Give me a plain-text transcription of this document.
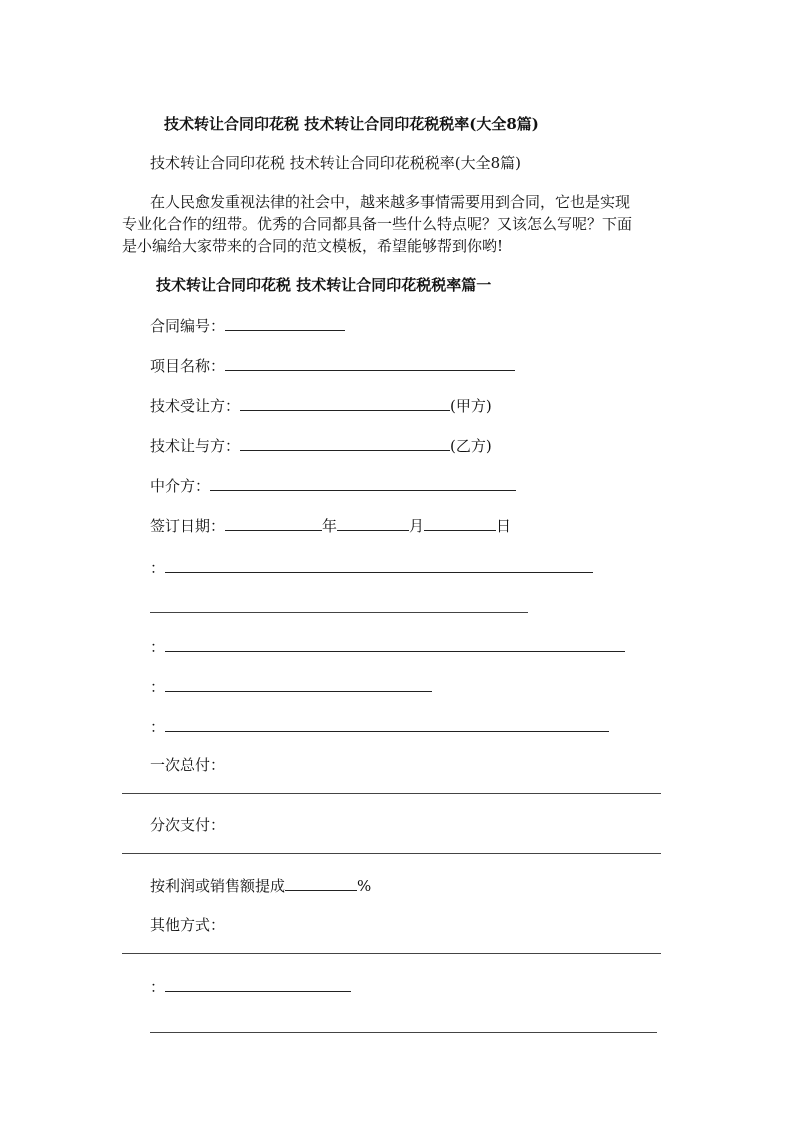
技术转让合同印花税 技术转让合同印花税税率(大全8篇)
技术转让合同印花税 技术转让合同印花税税率(大全8篇)
在人民愈发重视法律的社会中，越来越多事情需要用到合同，它也是实现
专业化合作的纽带。优秀的合同都具备一些什么特点呢？又该怎么写呢？下面
是小编给大家带来的合同的范文模板，希望能够帮到你哟!
技术转让合同印花税 技术转让合同印花税税率篇一
合同编号：
项目名称：
技术受让方：	(甲方)
技术让与方：	(乙方)
中介方：
签订日期：	年	月	日
：
：
：
：
一次总付：
分次支付：
按利润或销售额提成	%
其他方式：
：
